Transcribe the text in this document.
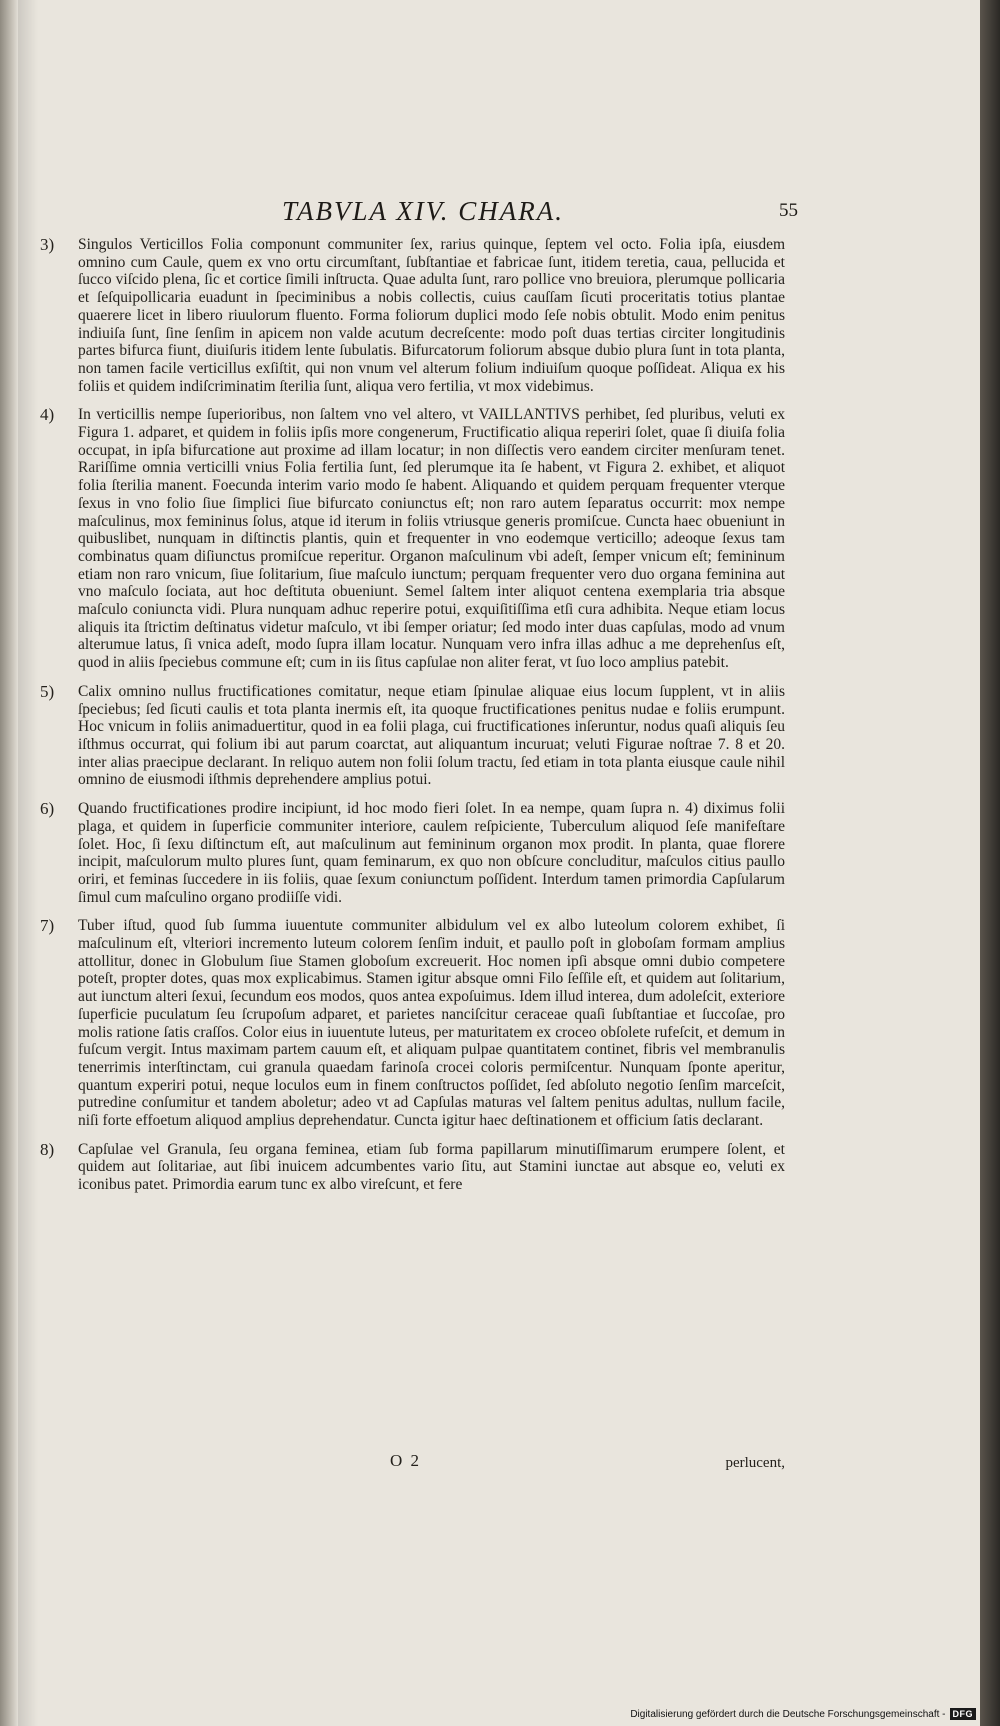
TABVLA XIV. CHARA.	55
3) Singulos Verticillos Folia componunt communiter ſex, rarius quinque, ſeptem vel octo. Folia ipſa, eiusdem omnino cum Caule, quem ex vno ortu circumſtant, ſubſtantiae et fabricae ſunt, itidem teretia, caua, pellucida et ſucco viſcido plena, ſic et cortice ſimili inſtructa. Quae adulta ſunt, raro pollice vno breuiora, plerumque pollicaria et ſeſquipollicaria euadunt in ſpeciminibus a nobis collectis, cuius cauſſam ſicuti proceritatis totius plantae quaerere licet in libero riuulorum fluento. Forma foliorum duplici modo ſeſe nobis obtulit. Modo enim penitus indiuiſa ſunt, ſine ſenſim in apicem non valde acutum decreſcente: modo poſt duas tertias circiter longitudinis partes bifurca fiunt, diuiſuris itidem lente ſubulatis. Bifurcatorum foliorum absque dubio plura ſunt in tota planta, non tamen facile verticillus exſiſtit, qui non vnum vel alterum folium indiuiſum quoque poſſideat. Aliqua ex his foliis et quidem indiſcriminatim ſterilia ſunt, aliqua vero fertilia, vt mox videbimus.
4) In verticillis nempe ſuperioribus, non ſaltem vno vel altero, vt VAILLANTIVS perhibet, ſed pluribus, veluti ex Figura 1. adparet, et quidem in foliis ipſis more congenerum, Fructificatio aliqua reperiri ſolet, quae ſi diuiſa folia occupat, in ipſa bifurcatione aut proxime ad illam locatur; in non diſſectis vero eandem circiter menſuram tenet. Rariſſime omnia verticilli vnius Folia fertilia ſunt, ſed plerumque ita ſe habent, vt Figura 2. exhibet, et aliquot folia ſterilia manent. Foecunda interim vario modo ſe habent. Aliquando et quidem perquam frequenter vterque ſexus in vno folio ſiue ſimplici ſiue bifurcato coniunctus eſt; non raro autem ſeparatus occurrit: mox nempe maſculinus, mox femininus ſolus, atque id iterum in foliis vtriusque generis promiſcue. Cuncta haec obueniunt in quibuslibet, nunquam in diſtinctis plantis, quin et frequenter in vno eodemque verticillo; adeoque ſexus tam combinatus quam diſiunctus promiſcue reperitur. Organon maſculinum vbi adeſt, ſemper vnicum eſt; femininum etiam non raro vnicum, ſiue ſolitarium, ſiue maſculo iunctum; perquam frequenter vero duo organa feminina aut vno maſculo ſociata, aut hoc deſtituta obueniunt. Semel ſaltem inter aliquot centena exemplaria tria absque maſculo coniuncta vidi. Plura nunquam adhuc reperire potui, exquiſitiſſima etſi cura adhibita. Neque etiam locus aliquis ita ſtrictim deſtinatus videtur maſculo, vt ibi ſemper oriatur; ſed modo inter duas capſulas, modo ad vnum alterumue latus, ſi vnica adeſt, modo ſupra illam locatur. Nunquam vero infra illas adhuc a me deprehenſus eſt, quod in aliis ſpeciebus commune eſt; cum in iis ſitus capſulae non aliter ferat, vt ſuo loco amplius patebit.
5) Calix omnino nullus fructificationes comitatur, neque etiam ſpinulae aliquae eius locum ſupplent, vt in aliis ſpeciebus; ſed ſicuti caulis et tota planta inermis eſt, ita quoque fructificationes penitus nudae e foliis erumpunt. Hoc vnicum in foliis animaduertitur, quod in ea folii plaga, cui fructificationes inſeruntur, nodus quaſi aliquis ſeu iſthmus occurrat, qui folium ibi aut parum coarctat, aut aliquantum incuruat; veluti Figurae noſtrae 7. 8 et 20. inter alias praecipue declarant. In reliquo autem non folii ſolum tractu, ſed etiam in tota planta eiusque caule nihil omnino de eiusmodi iſthmis deprehendere amplius potui.
6) Quando fructificationes prodire incipiunt, id hoc modo fieri ſolet. In ea nempe, quam ſupra n. 4) diximus folii plaga, et quidem in ſuperficie communiter interiore, caulem reſpiciente, Tuberculum aliquod ſeſe manifeſtare ſolet. Hoc, ſi ſexu diſtinctum eſt, aut maſculinum aut femininum organon mox prodit. In planta, quae florere incipit, maſculorum multo plures ſunt, quam feminarum, ex quo non obſcure concluditur, maſculos citius paullo oriri, et feminas ſuccedere in iis foliis, quae ſexum coniunctum poſſident. Interdum tamen primordia Capſularum ſimul cum maſculino organo prodiiſſe vidi.
7) Tuber iſtud, quod ſub ſumma iuuentute communiter albidulum vel ex albo luteolum colorem exhibet, ſi maſculinum eſt, vlteriori incremento luteum colorem ſenſim induit, et paullo poſt in globoſam formam amplius attollitur, donec in Globulum ſiue Stamen globoſum excreuerit. Hoc nomen ipſi absque omni dubio competere poteſt, propter dotes, quas mox explicabimus. Stamen igitur absque omni Filo ſeſſile eſt, et quidem aut ſolitarium, aut iunctum alteri ſexui, ſecundum eos modos, quos antea expoſuimus. Idem illud interea, dum adoleſcit, exteriore ſuperficie puculatum ſeu ſcrupoſum adparet, et parietes nanciſcitur ceraceae quaſi ſubſtantiae et ſuccoſae, pro molis ratione ſatis craſſos. Color eius in iuuentute luteus, per maturitatem ex croceo obſolete rufeſcit, et demum in fuſcum vergit. Intus maximam partem cauum eſt, et aliquam pulpae quantitatem continet, fibris vel membranulis tenerrimis interſtinctam, cui granula quaedam farinoſa crocei coloris permiſcentur. Nunquam ſponte aperitur, quantum experiri potui, neque loculos eum in finem conſtructos poſſidet, ſed abſoluto negotio ſenſim marceſcit, putredine conſumitur et tandem aboletur; adeo vt ad Capſulas maturas vel ſaltem penitus adultas, nullum facile, niſi forte effoetum aliquod amplius deprehendatur. Cuncta igitur haec deſtinationem et officium ſatis declarant.
8) Capſulae vel Granula, ſeu organa feminea, etiam ſub forma papillarum minutiſſimarum erumpere ſolent, et quidem aut ſolitariae, aut ſibi inuicem adcumbentes vario ſitu, aut Stamini iunctae aut absque eo, veluti ex iconibus patet. Primordia earum tunc ex albo vireſcunt, et fere
O 2	perlucent,
Digitalisierung gefördert durch die Deutsche Forschungsgemeinschaft - DFG
